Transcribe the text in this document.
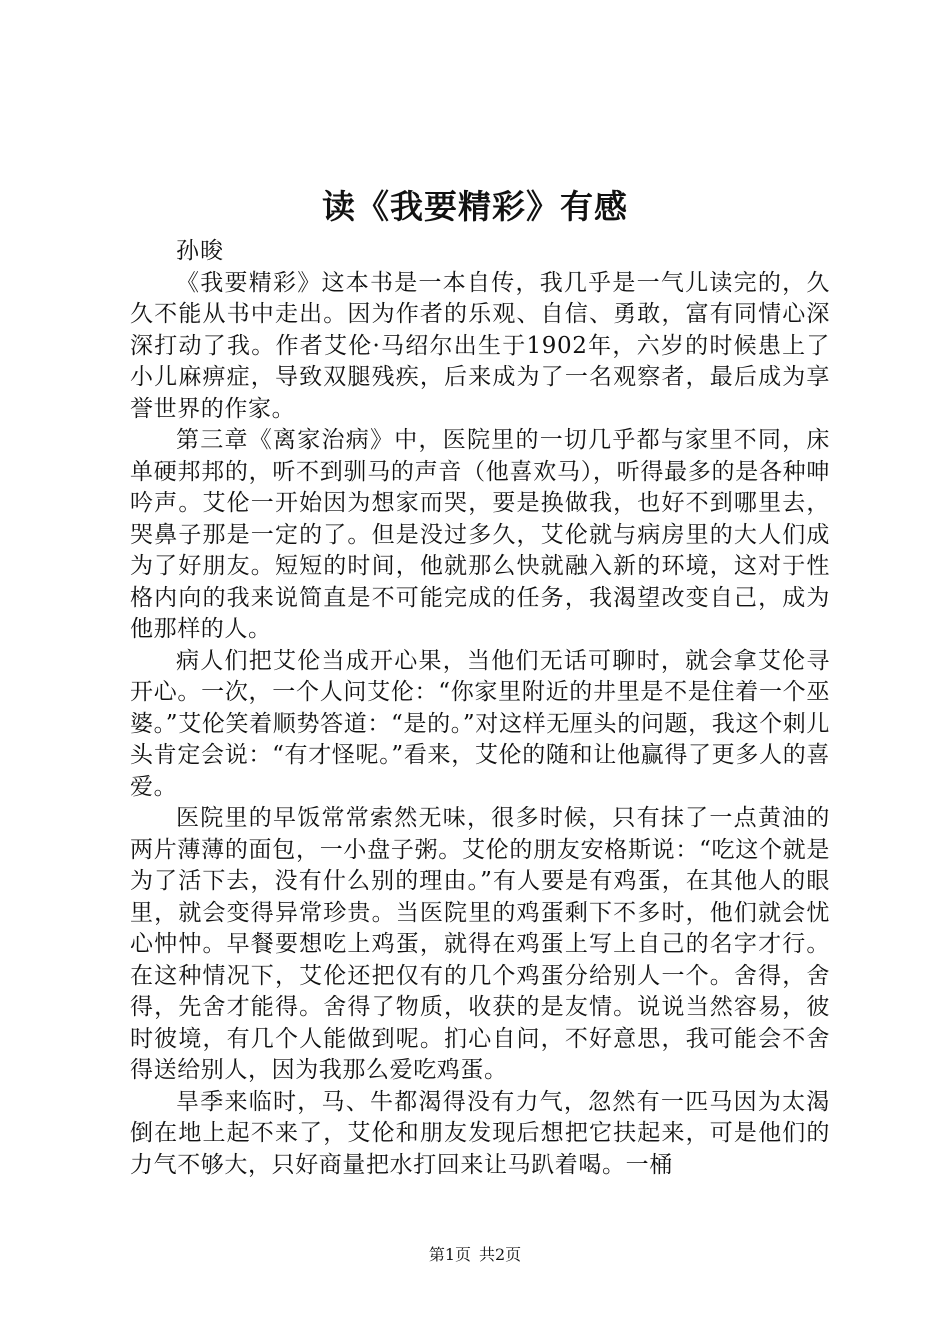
读《我要精彩》有感

孙晙

《我要精彩》这本书是一本自传，我几乎是一气儿读完的，久久不能从书中走出。因为作者的乐观、自信、勇敢，富有同情心深深打动了我。作者艾伦·马绍尔出生于1902年，六岁的时候患上了小儿麻痹症，导致双腿残疾，后来成为了一名观察者，最后成为享誉世界的作家。

第三章《离家治病》中，医院里的一切几乎都与家里不同，床单硬邦邦的，听不到驯马的声音（他喜欢马），听得最多的是各种呻吟声。艾伦一开始因为想家而哭，要是换做我，也好不到哪里去，哭鼻子那是一定的了。但是没过多久，艾伦就与病房里的大人们成为了好朋友。短短的时间，他就那么快就融入新的环境，这对于性格内向的我来说简直是不可能完成的任务，我渴望改变自己，成为他那样的人。

病人们把艾伦当成开心果，当他们无话可聊时，就会拿艾伦寻开心。一次，一个人问艾伦：“你家里附近的井里是不是住着一个巫婆。”艾伦笑着顺势答道：“是的。”对这样无厘头的问题，我这个刺儿头肯定会说：“有才怪呢。”看来，艾伦的随和让他赢得了更多人的喜爱。

医院里的早饭常常索然无味，很多时候，只有抹了一点黄油的两片薄薄的面包，一小盘子粥。艾伦的朋友安格斯说：“吃这个就是为了活下去，没有什么别的理由。”有人要是有鸡蛋，在其他人的眼里，就会变得异常珍贵。当医院里的鸡蛋剩下不多时，他们就会忧心忡忡。早餐要想吃上鸡蛋，就得在鸡蛋上写上自己的名字才行。在这种情况下，艾伦还把仅有的几个鸡蛋分给别人一个。舍得，舍得，先舍才能得。舍得了物质，收获的是友情。说说当然容易，彼时彼境，有几个人能做到呢。扪心自问，不好意思，我可能会不舍得送给别人，因为我那么爱吃鸡蛋。

旱季来临时，马、牛都渴得没有力气，忽然有一匹马因为太渴倒在地上起不来了，艾伦和朋友发现后想把它扶起来，可是他们的力气不够大，只好商量把水打回来让马趴着喝。一桶

第1页 共2页
